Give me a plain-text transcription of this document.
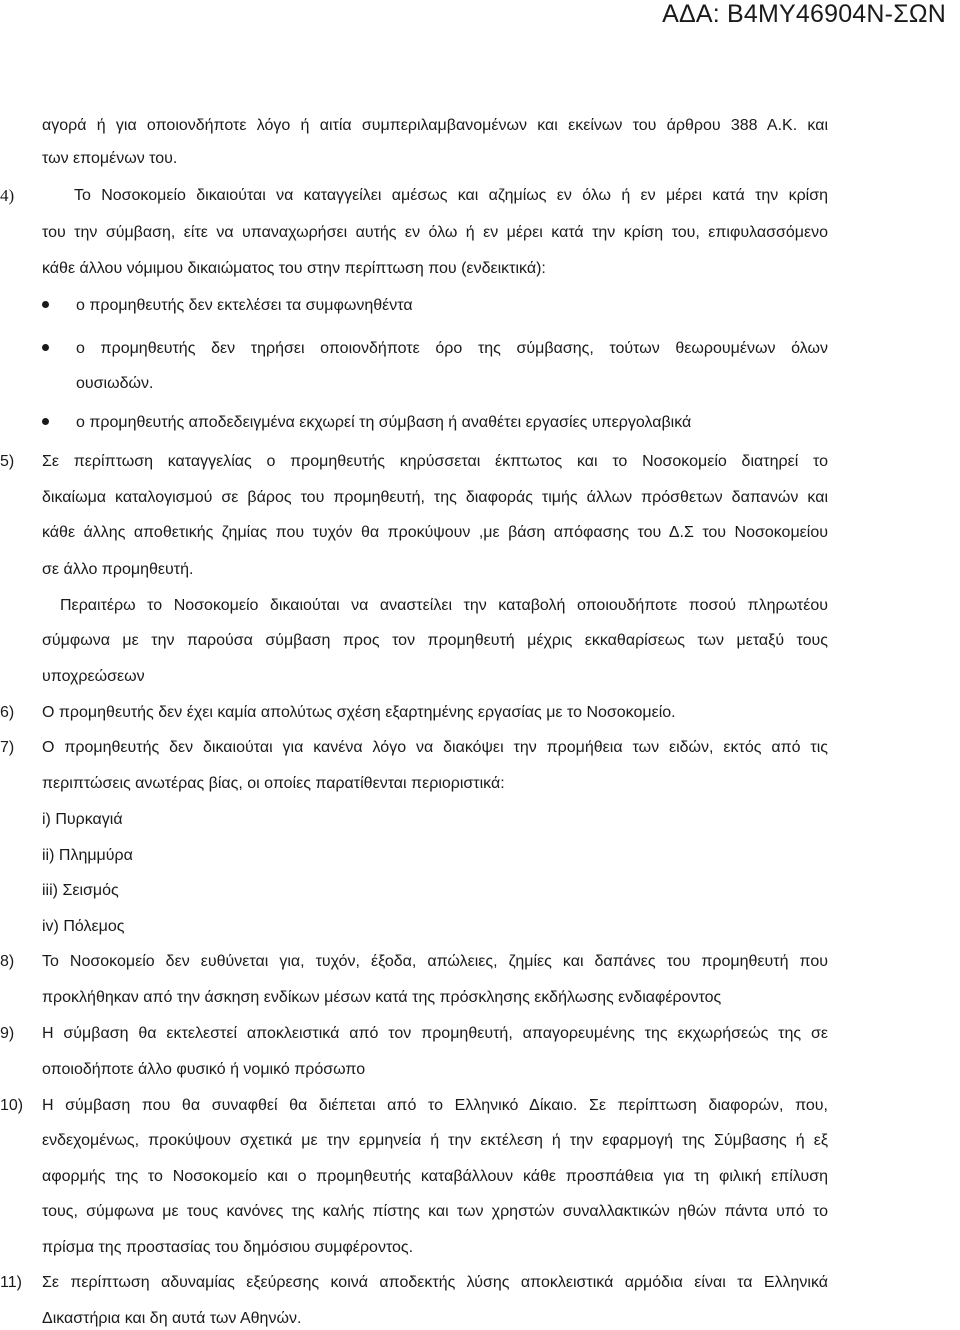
ΑΔΑ: Β4ΜΥ46904Ν-ΣΩΝ
αγορά ή για οποιονδήποτε λόγο ή αιτία συμπεριλαμβανομένων και εκείνων του άρθρου 388 Α.Κ. και
των επομένων του.
4)	Το Νοσοκομείο δικαιούται να καταγγείλει αμέσως και αζημίως εν όλω ή εν μέρει κατά την κρίση
του την σύμβαση, είτε να υπαναχωρήσει αυτής εν όλω ή εν μέρει κατά την κρίση του, επιφυλασσόμενο
κάθε άλλου νόμιμου δικαιώματος του στην περίπτωση που (ενδεικτικά):
ο προμηθευτής δεν εκτελέσει τα συμφωνηθέντα
ο προμηθευτής δεν τηρήσει οποιονδήποτε όρο της σύμβασης, τούτων θεωρουμένων όλων
ουσιωδών.
ο προμηθευτής αποδεδειγμένα εκχωρεί τη σύμβαση ή αναθέτει εργασίες υπεργολαβικά
5)	Σε περίπτωση καταγγελίας ο προμηθευτής κηρύσσεται έκπτωτος και το Νοσοκομείο διατηρεί το
δικαίωμα καταλογισμού σε βάρος του προμηθευτή, της διαφοράς τιμής άλλων πρόσθετων δαπανών και
κάθε άλλης αποθετικής ζημίας που τυχόν θα προκύψουν ,με βάση απόφασης του Δ.Σ του Νοσοκομείου
σε άλλο προμηθευτή.
Περαιτέρω το Νοσοκομείο δικαιούται να αναστείλει την καταβολή οποιουδήποτε ποσού πληρωτέου
σύμφωνα με την παρούσα σύμβαση προς τον προμηθευτή μέχρις εκκαθαρίσεως των μεταξύ τους
υποχρεώσεων
6)	Ο προμηθευτής δεν έχει καμία απολύτως σχέση εξαρτημένης εργασίας με το Νοσοκομείο.
7)	Ο προμηθευτής δεν δικαιούται για κανένα λόγο να διακόψει την προμήθεια των ειδών, εκτός από τις
περιπτώσεις ανωτέρας βίας, οι οποίες παρατίθενται περιοριστικά:
i) Πυρκαγιά
ii) Πλημμύρα
iii) Σεισμός
iv) Πόλεμος
8)	Το Νοσοκομείο δεν ευθύνεται για, τυχόν, έξοδα, απώλειες, ζημίες και δαπάνες του προμηθευτή που
προκλήθηκαν από την άσκηση ενδίκων μέσων κατά της πρόσκλησης εκδήλωσης ενδιαφέροντος
9)	Η σύμβαση θα εκτελεστεί αποκλειστικά από τον προμηθευτή, απαγορευμένης της εκχωρήσεώς της σε
οποιοδήποτε άλλο φυσικό ή νομικό πρόσωπο
10)	Η σύμβαση που θα συναφθεί θα διέπεται από το Ελληνικό Δίκαιο. Σε περίπτωση διαφορών, που,
ενδεχομένως, προκύψουν σχετικά με την ερμηνεία ή την εκτέλεση ή την εφαρμογή της Σύμβασης ή εξ
αφορμής της το Νοσοκομείο και ο προμηθευτής καταβάλλουν κάθε προσπάθεια για τη φιλική επίλυση
τους, σύμφωνα με τους κανόνες της καλής πίστης και των χρηστών συναλλακτικών ηθών πάντα υπό το
πρίσμα της προστασίας του δημόσιου συμφέροντος.
11)	Σε περίπτωση αδυναμίας εξεύρεσης κοινά αποδεκτής λύσης αποκλειστικά αρμόδια είναι τα Ελληνικά
Δικαστήρια και δη αυτά των Αθηνών.
